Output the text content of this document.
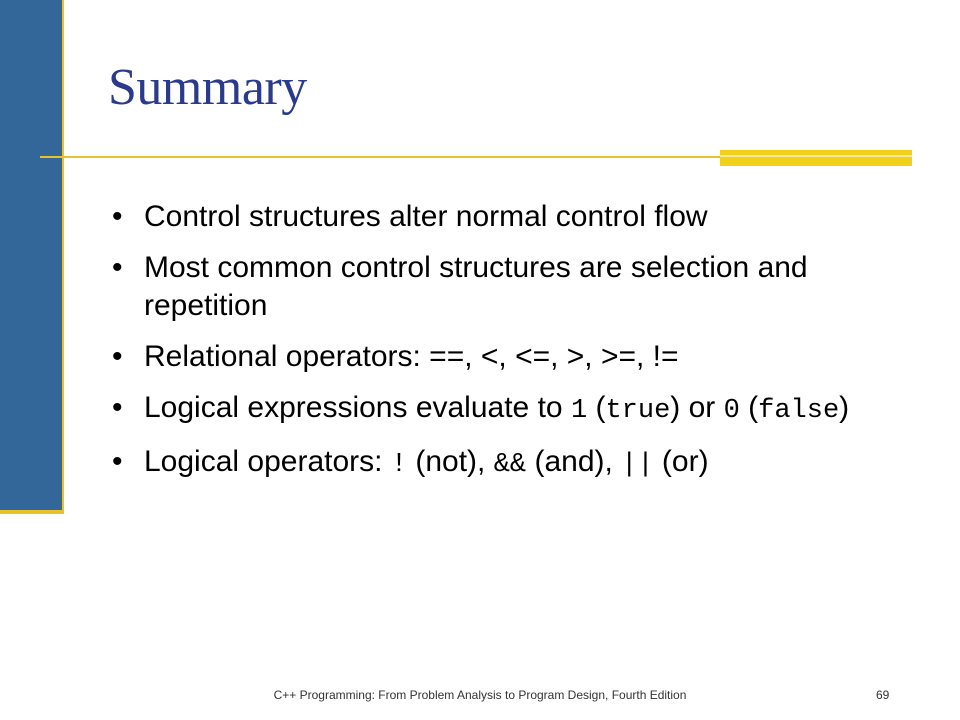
Summary
• Control structures alter normal control flow
• Most common control structures are selection and repetition
• Relational operators: ==, <, <=, >, >=, !=
• Logical expressions evaluate to 1 (true) or 0 (false)
• Logical operators: ! (not), && (and), || (or)
C++ Programming: From Problem Analysis to Program Design, Fourth Edition	69
